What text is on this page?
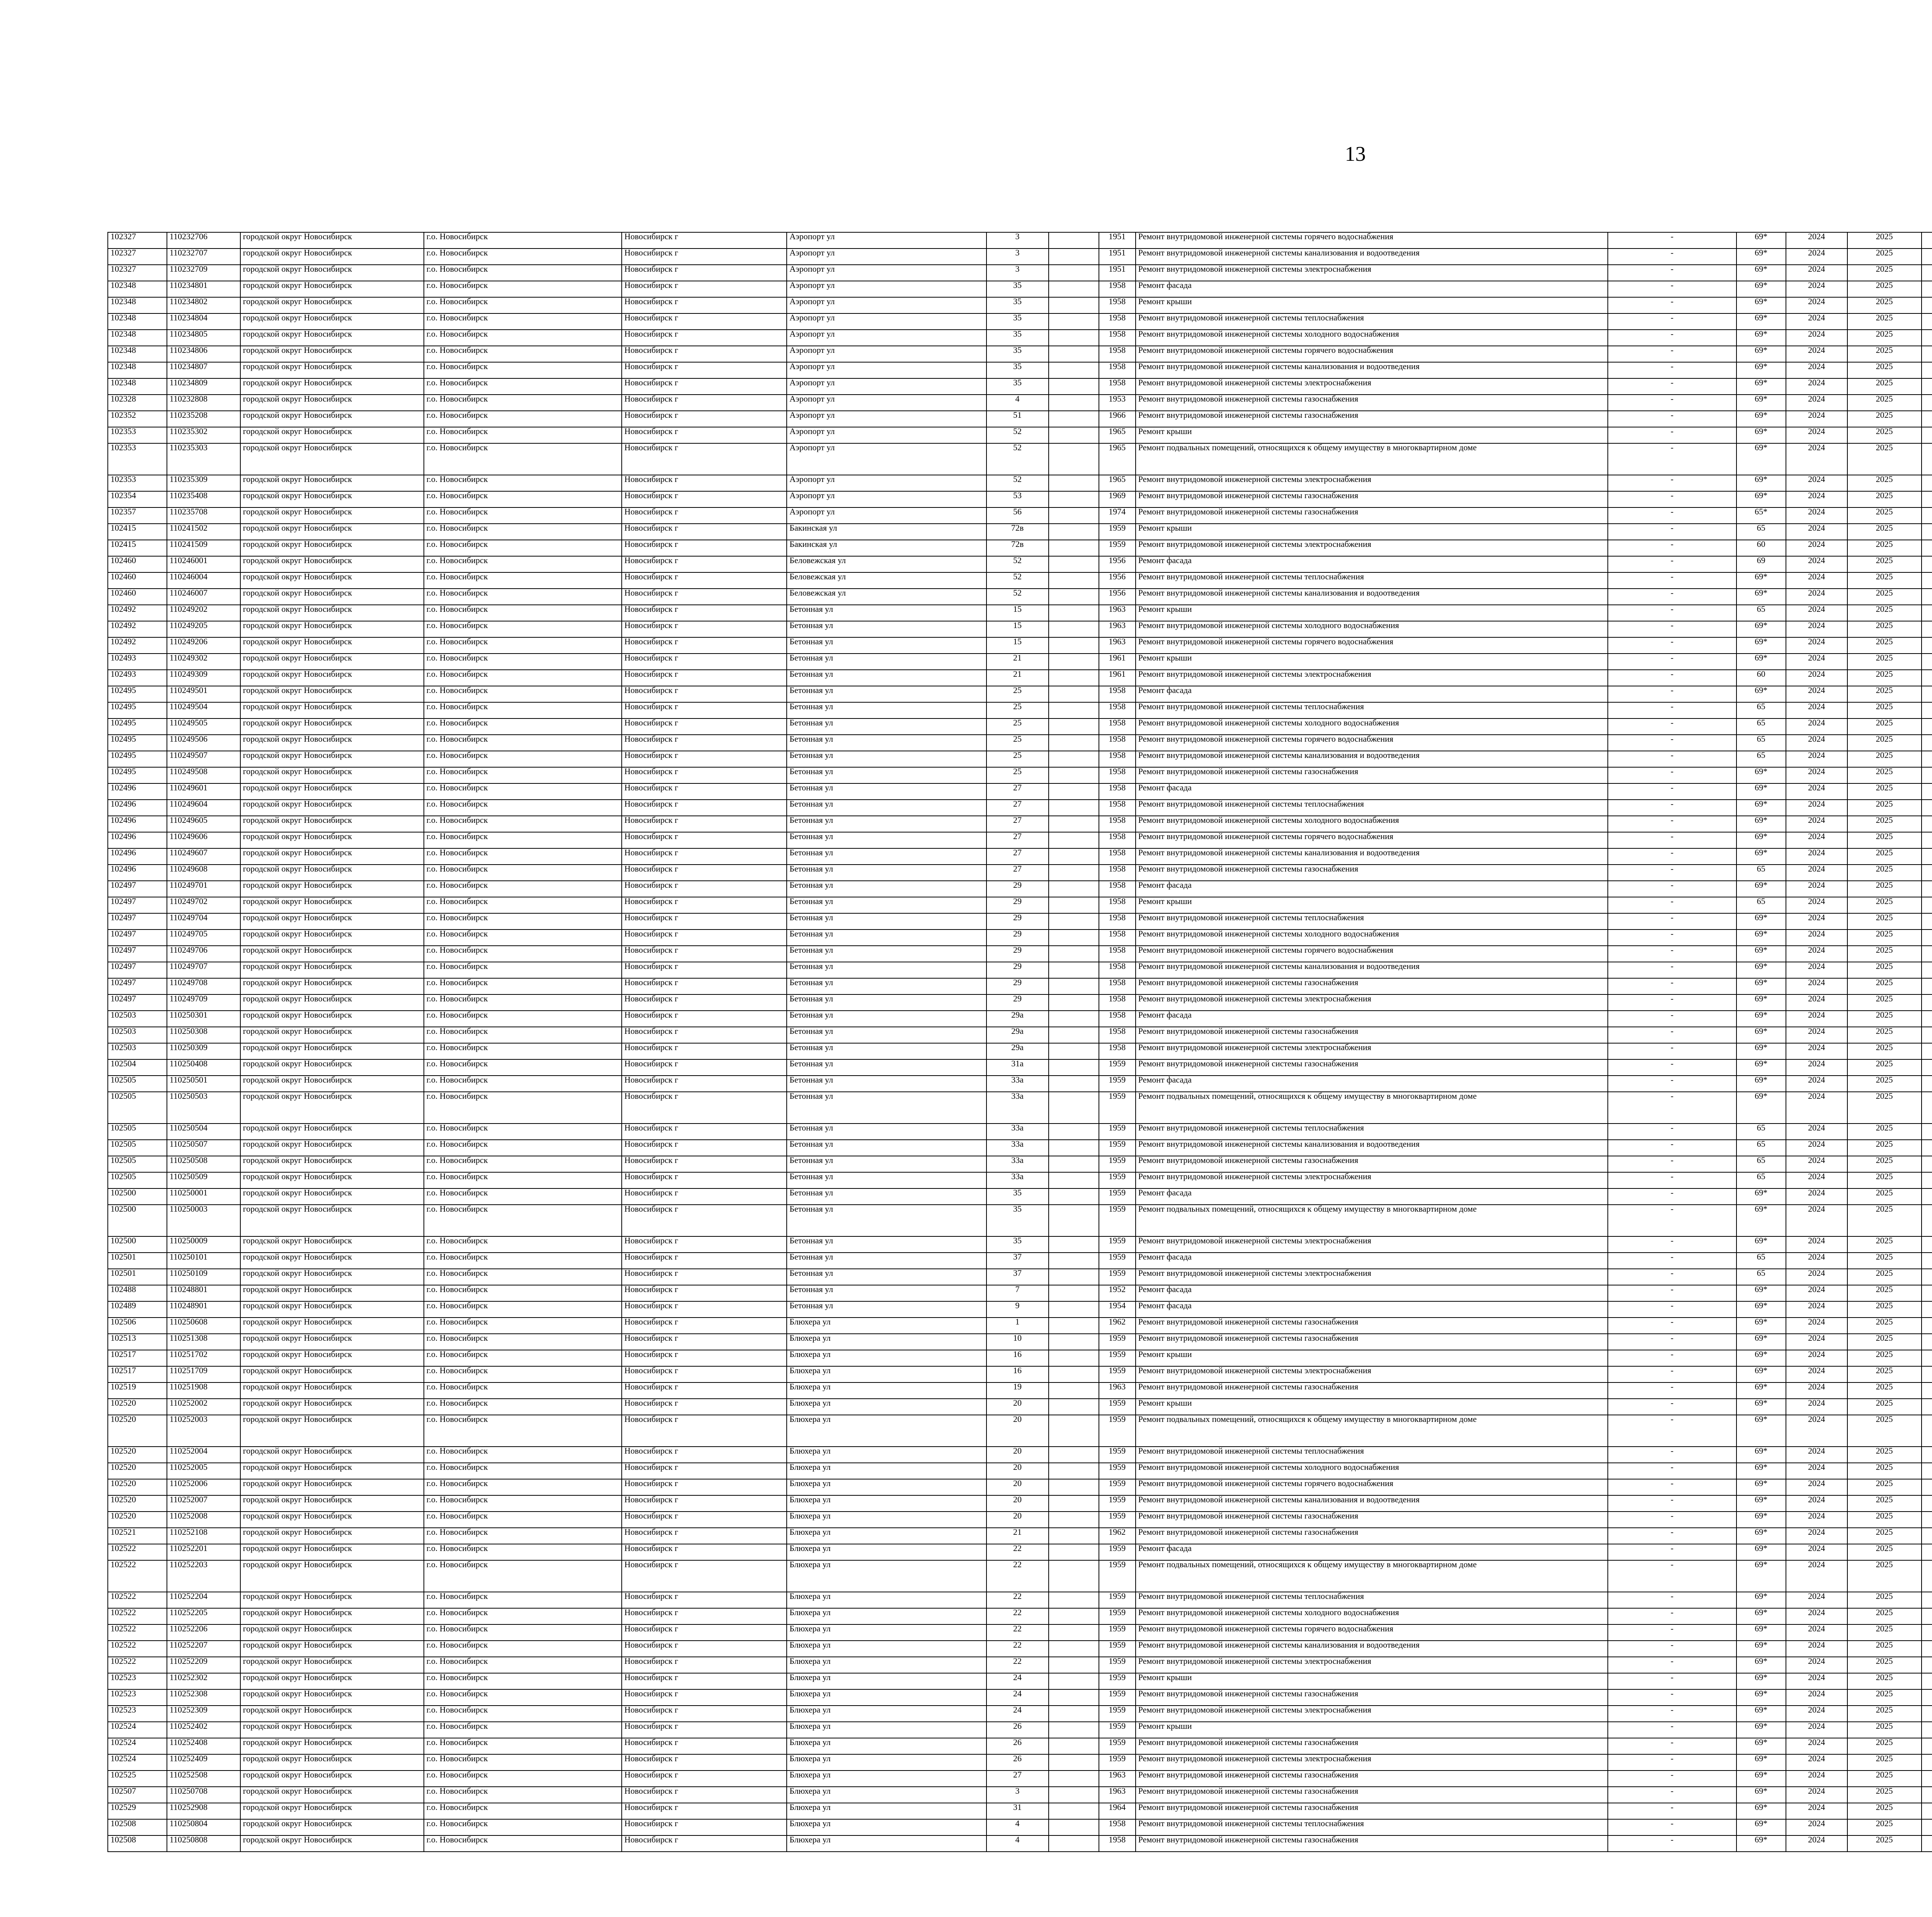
13
102327	110232706	городской округ Новосибирск	г.о. Новосибирск	Новосибирск г	Аэропорт ул	3		1951	Ремонт внутридомовой инженерной системы горячего водоснабжения	-	69*	2024	2025							
102327	110232707	городской округ Новосибирск	г.о. Новосибирск	Новосибирск г	Аэропорт ул	3		1951	Ремонт внутридомовой инженерной системы канализования и водоотведения	-	69*	2024	2025							
102327	110232709	городской округ Новосибирск	г.о. Новосибирск	Новосибирск г	Аэропорт ул	3		1951	Ремонт внутридомовой инженерной системы электроснабжения	-	69*	2024	2025							
102348	110234801	городской округ Новосибирск	г.о. Новосибирск	Новосибирск г	Аэропорт ул	35		1958	Ремонт фасада	-	69*	2024	2025							
102348	110234802	городской округ Новосибирск	г.о. Новосибирск	Новосибирск г	Аэропорт ул	35		1958	Ремонт крыши	-	69*	2024	2025							
102348	110234804	городской округ Новосибирск	г.о. Новосибирск	Новосибирск г	Аэропорт ул	35		1958	Ремонт внутридомовой инженерной системы теплоснабжения	-	69*	2024	2025							
102348	110234805	городской округ Новосибирск	г.о. Новосибирск	Новосибирск г	Аэропорт ул	35		1958	Ремонт внутридомовой инженерной системы холодного водоснабжения	-	69*	2024	2025							
102348	110234806	городской округ Новосибирск	г.о. Новосибирск	Новосибирск г	Аэропорт ул	35		1958	Ремонт внутридомовой инженерной системы горячего водоснабжения	-	69*	2024	2025							
102348	110234807	городской округ Новосибирск	г.о. Новосибирск	Новосибирск г	Аэропорт ул	35		1958	Ремонт внутридомовой инженерной системы канализования и водоотведения	-	69*	2024	2025							
102348	110234809	городской округ Новосибирск	г.о. Новосибирск	Новосибирск г	Аэропорт ул	35		1958	Ремонт внутридомовой инженерной системы электроснабжения	-	69*	2024	2025							
102328	110232808	городской округ Новосибирск	г.о. Новосибирск	Новосибирск г	Аэропорт ул	4		1953	Ремонт внутридомовой инженерной системы газоснабжения	-	69*	2024	2025							
102352	110235208	городской округ Новосибирск	г.о. Новосибирск	Новосибирск г	Аэропорт ул	51		1966	Ремонт внутридомовой инженерной системы газоснабжения	-	69*	2024	2025							
102353	110235302	городской округ Новосибирск	г.о. Новосибирск	Новосибирск г	Аэропорт ул	52		1965	Ремонт крыши	-	69*	2024	2025							
102353	110235303	городской округ Новосибирск	г.о. Новосибирск	Новосибирск г	Аэропорт ул	52		1965	Ремонт подвальных помещений, относящихся к общему имуществу в многоквартирном доме	-	69*	2024	2025							
102353	110235309	городской округ Новосибирск	г.о. Новосибирск	Новосибирск г	Аэропорт ул	52		1965	Ремонт внутридомовой инженерной системы электроснабжения	-	69*	2024	2025							
102354	110235408	городской округ Новосибирск	г.о. Новосибирск	Новосибирск г	Аэропорт ул	53		1969	Ремонт внутридомовой инженерной системы газоснабжения	-	69*	2024	2025							
102357	110235708	городской округ Новосибирск	г.о. Новосибирск	Новосибирск г	Аэропорт ул	56		1974	Ремонт внутридомовой инженерной системы газоснабжения	-	65*	2024	2025							
102415	110241502	городской округ Новосибирск	г.о. Новосибирск	Новосибирск г	Бакинская ул	72в		1959	Ремонт крыши	-	65	2024	2025							
102415	110241509	городской округ Новосибирск	г.о. Новосибирск	Новосибирск г	Бакинская ул	72в		1959	Ремонт внутридомовой инженерной системы электроснабжения	-	60	2024	2025							
102460	110246001	городской округ Новосибирск	г.о. Новосибирск	Новосибирск г	Беловежская ул	52		1956	Ремонт фасада	-	69	2024	2025							
102460	110246004	городской округ Новосибирск	г.о. Новосибирск	Новосибирск г	Беловежская ул	52		1956	Ремонт внутридомовой инженерной системы теплоснабжения	-	69*	2024	2025							
102460	110246007	городской округ Новосибирск	г.о. Новосибирск	Новосибирск г	Беловежская ул	52		1956	Ремонт внутридомовой инженерной системы канализования и водоотведения	-	69*	2024	2025							
102492	110249202	городской округ Новосибирск	г.о. Новосибирск	Новосибирск г	Бетонная ул	15		1963	Ремонт крыши	-	65	2024	2025							
102492	110249205	городской округ Новосибирск	г.о. Новосибирск	Новосибирск г	Бетонная ул	15		1963	Ремонт внутридомовой инженерной системы холодного водоснабжения	-	69*	2024	2025							
102492	110249206	городской округ Новосибирск	г.о. Новосибирск	Новосибирск г	Бетонная ул	15		1963	Ремонт внутридомовой инженерной системы горячего водоснабжения	-	69*	2024	2025							
102493	110249302	городской округ Новосибирск	г.о. Новосибирск	Новосибирск г	Бетонная ул	21		1961	Ремонт крыши	-	69*	2024	2025							
102493	110249309	городской округ Новосибирск	г.о. Новосибирск	Новосибирск г	Бетонная ул	21		1961	Ремонт внутридомовой инженерной системы электроснабжения	-	60	2024	2025							
102495	110249501	городской округ Новосибирск	г.о. Новосибирск	Новосибирск г	Бетонная ул	25		1958	Ремонт фасада	-	69*	2024	2025							
102495	110249504	городской округ Новосибирск	г.о. Новосибирск	Новосибирск г	Бетонная ул	25		1958	Ремонт внутридомовой инженерной системы теплоснабжения	-	65	2024	2025							
102495	110249505	городской округ Новосибирск	г.о. Новосибирск	Новосибирск г	Бетонная ул	25		1958	Ремонт внутридомовой инженерной системы холодного водоснабжения	-	65	2024	2025							
102495	110249506	городской округ Новосибирск	г.о. Новосибирск	Новосибирск г	Бетонная ул	25		1958	Ремонт внутридомовой инженерной системы горячего водоснабжения	-	65	2024	2025							
102495	110249507	городской округ Новосибирск	г.о. Новосибирск	Новосибирск г	Бетонная ул	25		1958	Ремонт внутридомовой инженерной системы канализования и водоотведения	-	65	2024	2025							
102495	110249508	городской округ Новосибирск	г.о. Новосибирск	Новосибирск г	Бетонная ул	25		1958	Ремонт внутридомовой инженерной системы газоснабжения	-	69*	2024	2025							
102496	110249601	городской округ Новосибирск	г.о. Новосибирск	Новосибирск г	Бетонная ул	27		1958	Ремонт фасада	-	69*	2024	2025							
102496	110249604	городской округ Новосибирск	г.о. Новосибирск	Новосибирск г	Бетонная ул	27		1958	Ремонт внутридомовой инженерной системы теплоснабжения	-	69*	2024	2025							
102496	110249605	городской округ Новосибирск	г.о. Новосибирск	Новосибирск г	Бетонная ул	27		1958	Ремонт внутридомовой инженерной системы холодного водоснабжения	-	69*	2024	2025							
102496	110249606	городской округ Новосибирск	г.о. Новосибирск	Новосибирск г	Бетонная ул	27		1958	Ремонт внутридомовой инженерной системы горячего водоснабжения	-	69*	2024	2025							
102496	110249607	городской округ Новосибирск	г.о. Новосибирск	Новосибирск г	Бетонная ул	27		1958	Ремонт внутридомовой инженерной системы канализования и водоотведения	-	69*	2024	2025							
102496	110249608	городской округ Новосибирск	г.о. Новосибирск	Новосибирск г	Бетонная ул	27		1958	Ремонт внутридомовой инженерной системы газоснабжения	-	65	2024	2025							
102497	110249701	городской округ Новосибирск	г.о. Новосибирск	Новосибирск г	Бетонная ул	29		1958	Ремонт фасада	-	69*	2024	2025							
102497	110249702	городской округ Новосибирск	г.о. Новосибирск	Новосибирск г	Бетонная ул	29		1958	Ремонт крыши	-	65	2024	2025							
102497	110249704	городской округ Новосибирск	г.о. Новосибирск	Новосибирск г	Бетонная ул	29		1958	Ремонт внутридомовой инженерной системы теплоснабжения	-	69*	2024	2025							
102497	110249705	городской округ Новосибирск	г.о. Новосибирск	Новосибирск г	Бетонная ул	29		1958	Ремонт внутридомовой инженерной системы холодного водоснабжения	-	69*	2024	2025							
102497	110249706	городской округ Новосибирск	г.о. Новосибирск	Новосибирск г	Бетонная ул	29		1958	Ремонт внутридомовой инженерной системы горячего водоснабжения	-	69*	2024	2025							
102497	110249707	городской округ Новосибирск	г.о. Новосибирск	Новосибирск г	Бетонная ул	29		1958	Ремонт внутридомовой инженерной системы канализования и водоотведения	-	69*	2024	2025							
102497	110249708	городской округ Новосибирск	г.о. Новосибирск	Новосибирск г	Бетонная ул	29		1958	Ремонт внутридомовой инженерной системы газоснабжения	-	69*	2024	2025							
102497	110249709	городской округ Новосибирск	г.о. Новосибирск	Новосибирск г	Бетонная ул	29		1958	Ремонт внутридомовой инженерной системы электроснабжения	-	69*	2024	2025							
102503	110250301	городской округ Новосибирск	г.о. Новосибирск	Новосибирск г	Бетонная ул	29а		1958	Ремонт фасада	-	69*	2024	2025							
102503	110250308	городской округ Новосибирск	г.о. Новосибирск	Новосибирск г	Бетонная ул	29а		1958	Ремонт внутридомовой инженерной системы газоснабжения	-	69*	2024	2025							
102503	110250309	городской округ Новосибирск	г.о. Новосибирск	Новосибирск г	Бетонная ул	29а		1958	Ремонт внутридомовой инженерной системы электроснабжения	-	69*	2024	2025							
102504	110250408	городской округ Новосибирск	г.о. Новосибирск	Новосибирск г	Бетонная ул	31а		1959	Ремонт внутридомовой инженерной системы газоснабжения	-	69*	2024	2025							
102505	110250501	городской округ Новосибирск	г.о. Новосибирск	Новосибирск г	Бетонная ул	33а		1959	Ремонт фасада	-	69*	2024	2025							
102505	110250503	городской округ Новосибирск	г.о. Новосибирск	Новосибирск г	Бетонная ул	33а		1959	Ремонт подвальных помещений, относящихся к общему имуществу в многоквартирном доме	-	69*	2024	2025							
102505	110250504	городской округ Новосибирск	г.о. Новосибирск	Новосибирск г	Бетонная ул	33а		1959	Ремонт внутридомовой инженерной системы теплоснабжения	-	65	2024	2025							
102505	110250507	городской округ Новосибирск	г.о. Новосибирск	Новосибирск г	Бетонная ул	33а		1959	Ремонт внутридомовой инженерной системы канализования и водоотведения	-	65	2024	2025							
102505	110250508	городской округ Новосибирск	г.о. Новосибирск	Новосибирск г	Бетонная ул	33а		1959	Ремонт внутридомовой инженерной системы газоснабжения	-	65	2024	2025							
102505	110250509	городской округ Новосибирск	г.о. Новосибирск	Новосибирск г	Бетонная ул	33а		1959	Ремонт внутридомовой инженерной системы электроснабжения	-	65	2024	2025							
102500	110250001	городской округ Новосибирск	г.о. Новосибирск	Новосибирск г	Бетонная ул	35		1959	Ремонт фасада	-	69*	2024	2025							
102500	110250003	городской округ Новосибирск	г.о. Новосибирск	Новосибирск г	Бетонная ул	35		1959	Ремонт подвальных помещений, относящихся к общему имуществу в многоквартирном доме	-	69*	2024	2025							
102500	110250009	городской округ Новосибирск	г.о. Новосибирск	Новосибирск г	Бетонная ул	35		1959	Ремонт внутридомовой инженерной системы электроснабжения	-	69*	2024	2025							
102501	110250101	городской округ Новосибирск	г.о. Новосибирск	Новосибирск г	Бетонная ул	37		1959	Ремонт фасада	-	65	2024	2025							
102501	110250109	городской округ Новосибирск	г.о. Новосибирск	Новосибирск г	Бетонная ул	37		1959	Ремонт внутридомовой инженерной системы электроснабжения	-	65	2024	2025							
102488	110248801	городской округ Новосибирск	г.о. Новосибирск	Новосибирск г	Бетонная ул	7		1952	Ремонт фасада	-	69*	2024	2025							
102489	110248901	городской округ Новосибирск	г.о. Новосибирск	Новосибирск г	Бетонная ул	9		1954	Ремонт фасада	-	69*	2024	2025							
102506	110250608	городской округ Новосибирск	г.о. Новосибирск	Новосибирск г	Блюхера ул	1		1962	Ремонт внутридомовой инженерной системы газоснабжения	-	69*	2024	2025							
102513	110251308	городской округ Новосибирск	г.о. Новосибирск	Новосибирск г	Блюхера ул	10		1959	Ремонт внутридомовой инженерной системы газоснабжения	-	69*	2024	2025							
102517	110251702	городской округ Новосибирск	г.о. Новосибирск	Новосибирск г	Блюхера ул	16		1959	Ремонт крыши	-	69*	2024	2025							
102517	110251709	городской округ Новосибирск	г.о. Новосибирск	Новосибирск г	Блюхера ул	16		1959	Ремонт внутридомовой инженерной системы электроснабжения	-	69*	2024	2025							
102519	110251908	городской округ Новосибирск	г.о. Новосибирск	Новосибирск г	Блюхера ул	19		1963	Ремонт внутридомовой инженерной системы газоснабжения	-	69*	2024	2025							
102520	110252002	городской округ Новосибирск	г.о. Новосибирск	Новосибирск г	Блюхера ул	20		1959	Ремонт крыши	-	69*	2024	2025							
102520	110252003	городской округ Новосибирск	г.о. Новосибирск	Новосибирск г	Блюхера ул	20		1959	Ремонт подвальных помещений, относящихся к общему имуществу в многоквартирном доме	-	69*	2024	2025							
102520	110252004	городской округ Новосибирск	г.о. Новосибирск	Новосибирск г	Блюхера ул	20		1959	Ремонт внутридомовой инженерной системы теплоснабжения	-	69*	2024	2025							
102520	110252005	городской округ Новосибирск	г.о. Новосибирск	Новосибирск г	Блюхера ул	20		1959	Ремонт внутридомовой инженерной системы холодного водоснабжения	-	69*	2024	2025							
102520	110252006	городской округ Новосибирск	г.о. Новосибирск	Новосибирск г	Блюхера ул	20		1959	Ремонт внутридомовой инженерной системы горячего водоснабжения	-	69*	2024	2025							
102520	110252007	городской округ Новосибирск	г.о. Новосибирск	Новосибирск г	Блюхера ул	20		1959	Ремонт внутридомовой инженерной системы канализования и водоотведения	-	69*	2024	2025							
102520	110252008	городской округ Новосибирск	г.о. Новосибирск	Новосибирск г	Блюхера ул	20		1959	Ремонт внутридомовой инженерной системы газоснабжения	-	69*	2024	2025							
102521	110252108	городской округ Новосибирск	г.о. Новосибирск	Новосибирск г	Блюхера ул	21		1962	Ремонт внутридомовой инженерной системы газоснабжения	-	69*	2024	2025							
102522	110252201	городской округ Новосибирск	г.о. Новосибирск	Новосибирск г	Блюхера ул	22		1959	Ремонт фасада	-	69*	2024	2025							
102522	110252203	городской округ Новосибирск	г.о. Новосибирск	Новосибирск г	Блюхера ул	22		1959	Ремонт подвальных помещений, относящихся к общему имуществу в многоквартирном доме	-	69*	2024	2025							
102522	110252204	городской округ Новосибирск	г.о. Новосибирск	Новосибирск г	Блюхера ул	22		1959	Ремонт внутридомовой инженерной системы теплоснабжения	-	69*	2024	2025							
102522	110252205	городской округ Новосибирск	г.о. Новосибирск	Новосибирск г	Блюхера ул	22		1959	Ремонт внутридомовой инженерной системы холодного водоснабжения	-	69*	2024	2025							
102522	110252206	городской округ Новосибирск	г.о. Новосибирск	Новосибирск г	Блюхера ул	22		1959	Ремонт внутридомовой инженерной системы горячего водоснабжения	-	69*	2024	2025							
102522	110252207	городской округ Новосибирск	г.о. Новосибирск	Новосибирск г	Блюхера ул	22		1959	Ремонт внутридомовой инженерной системы канализования и водоотведения	-	69*	2024	2025							
102522	110252209	городской округ Новосибирск	г.о. Новосибирск	Новосибирск г	Блюхера ул	22		1959	Ремонт внутридомовой инженерной системы электроснабжения	-	69*	2024	2025							
102523	110252302	городской округ Новосибирск	г.о. Новосибирск	Новосибирск г	Блюхера ул	24		1959	Ремонт крыши	-	69*	2024	2025							
102523	110252308	городской округ Новосибирск	г.о. Новосибирск	Новосибирск г	Блюхера ул	24		1959	Ремонт внутридомовой инженерной системы газоснабжения	-	69*	2024	2025							
102523	110252309	городской округ Новосибирск	г.о. Новосибирск	Новосибирск г	Блюхера ул	24		1959	Ремонт внутридомовой инженерной системы электроснабжения	-	69*	2024	2025							
102524	110252402	городской округ Новосибирск	г.о. Новосибирск	Новосибирск г	Блюхера ул	26		1959	Ремонт крыши	-	69*	2024	2025							
102524	110252408	городской округ Новосибирск	г.о. Новосибирск	Новосибирск г	Блюхера ул	26		1959	Ремонт внутридомовой инженерной системы газоснабжения	-	69*	2024	2025							
102524	110252409	городской округ Новосибирск	г.о. Новосибирск	Новосибирск г	Блюхера ул	26		1959	Ремонт внутридомовой инженерной системы электроснабжения	-	69*	2024	2025							
102525	110252508	городской округ Новосибирск	г.о. Новосибирск	Новосибирск г	Блюхера ул	27		1963	Ремонт внутридомовой инженерной системы газоснабжения	-	69*	2024	2025							
102507	110250708	городской округ Новосибирск	г.о. Новосибирск	Новосибирск г	Блюхера ул	3		1963	Ремонт внутридомовой инженерной системы газоснабжения	-	69*	2024	2025							
102529	110252908	городской округ Новосибирск	г.о. Новосибирск	Новосибирск г	Блюхера ул	31		1964	Ремонт внутридомовой инженерной системы газоснабжения	-	69*	2024	2025							
102508	110250804	городской округ Новосибирск	г.о. Новосибирск	Новосибирск г	Блюхера ул	4		1958	Ремонт внутридомовой инженерной системы теплоснабжения	-	69*	2024	2025							
102508	110250808	городской округ Новосибирск	г.о. Новосибирск	Новосибирск г	Блюхера ул	4		1958	Ремонт внутридомовой инженерной системы газоснабжения	-	69*	2024	2025							
